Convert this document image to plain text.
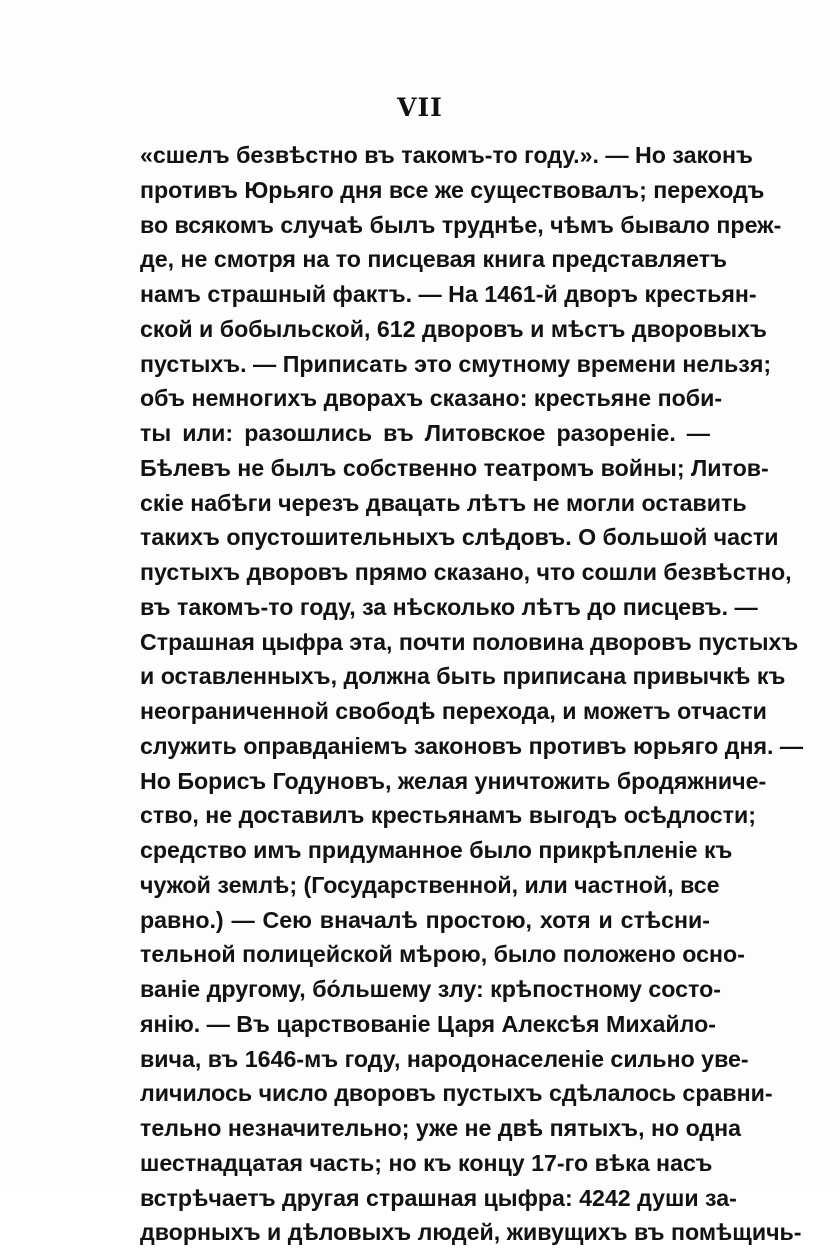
VII
«сшелъ безвѣстно въ такомъ-то году.». — Но законъ
противъ Юрьяго дня все же существовалъ; переходъ
во всякомъ случаѣ былъ труднѣе, чѣмъ бывало преж-
де, не смотря на то писцевая книга представляетъ
намъ страшный фактъ. — На 1461-й дворъ крестьян-
ской и бобыльской, 612 дворовъ и мѣстъ дворовыхъ
пустыхъ. — Приписать это смутному времени нельзя;
объ немногихъ дворахъ сказано: крестьяне поби-
ты или: разошлись въ Литовское разоренiе. —
Бѣлевъ не былъ собственно театромъ войны; Литов-
скiе набѣги черезъ двацать лѣтъ не могли оставить
такихъ опустошительныхъ слѣдовъ. О большой части
пустыхъ дворовъ прямо сказано, что сошли безвѣстно,
въ такомъ-то году, за нѣсколько лѣтъ до писцевъ. —
Страшная цыфра эта, почти половина дворовъ пустыхъ
и оставленныхъ, должна быть приписана привычкѣ къ
неограниченной свободѣ перехода, и можетъ отчасти
служить оправданiемъ законовъ противъ юрьяго дня. —
Но Борисъ Годуновъ, желая уничтожить бродяжниче-
ство, не доставилъ крестьянамъ выгодъ осѣдлости;
средство имъ придуманное было прикрѣпленiе къ
чужой землѣ; (Государственной, или частной, все
равно.) — Сею вначалѣ простою, хотя и стѣсни-
тельной полицейской мѣрою, было положено осно-
ванiе другому, бо́льшему злу: крѣпостному состо-
янiю. — Въ царствованiе Царя Алексѣя Михайло-
вича, въ 1646-мъ году, народонаселенiе сильно уве-
личилось число дворовъ пустыхъ сдѣлалось сравни-
тельно незначительно; уже не двѣ пятыхъ, но одна
шестнадцатая часть; но къ концу 17-го вѣка насъ
встрѣчаетъ другая страшная цыфра: 4242 души за-
дворныхъ и дѣловыхъ людей, живущихъ въ помѣщичь-
